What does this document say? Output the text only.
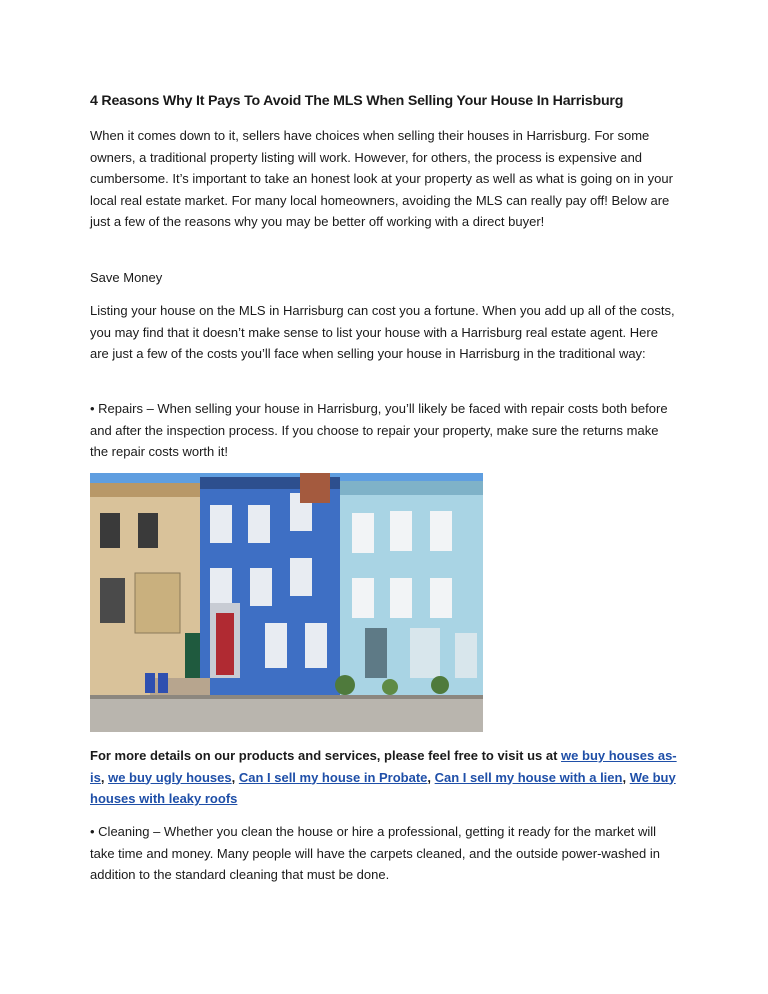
4 Reasons Why It Pays To Avoid The MLS When Selling Your House In Harrisburg

When it comes down to it, sellers have choices when selling their houses in Harrisburg. For some owners, a traditional property listing will work. However, for others, the process is expensive and cumbersome. It’s important to take an honest look at your property as well as what is going on in your local real estate market. For many local homeowners, avoiding the MLS can really pay off! Below are just a few of the reasons why you may be better off working with a direct buyer!

Save Money

Listing your house on the MLS in Harrisburg can cost you a fortune. When you add up all of the costs, you may find that it doesn’t make sense to list your house with a Harrisburg real estate agent. Here are just a few of the costs you’ll face when selling your house in Harrisburg in the traditional way:

• Repairs – When selling your house in Harrisburg, you’ll likely be faced with repair costs both before and after the inspection process. If you choose to repair your property, make sure the returns make the repair costs worth it!

For more details on our products and services, please feel free to visit us at we buy houses as-is, we buy ugly houses, Can I sell my house in Probate, Can I sell my house with a lien, We buy houses with leaky roofs

• Cleaning – Whether you clean the house or hire a professional, getting it ready for the market will take time and money. Many people will have the carpets cleaned, and the outside power-washed in addition to the standard cleaning that must be done.
